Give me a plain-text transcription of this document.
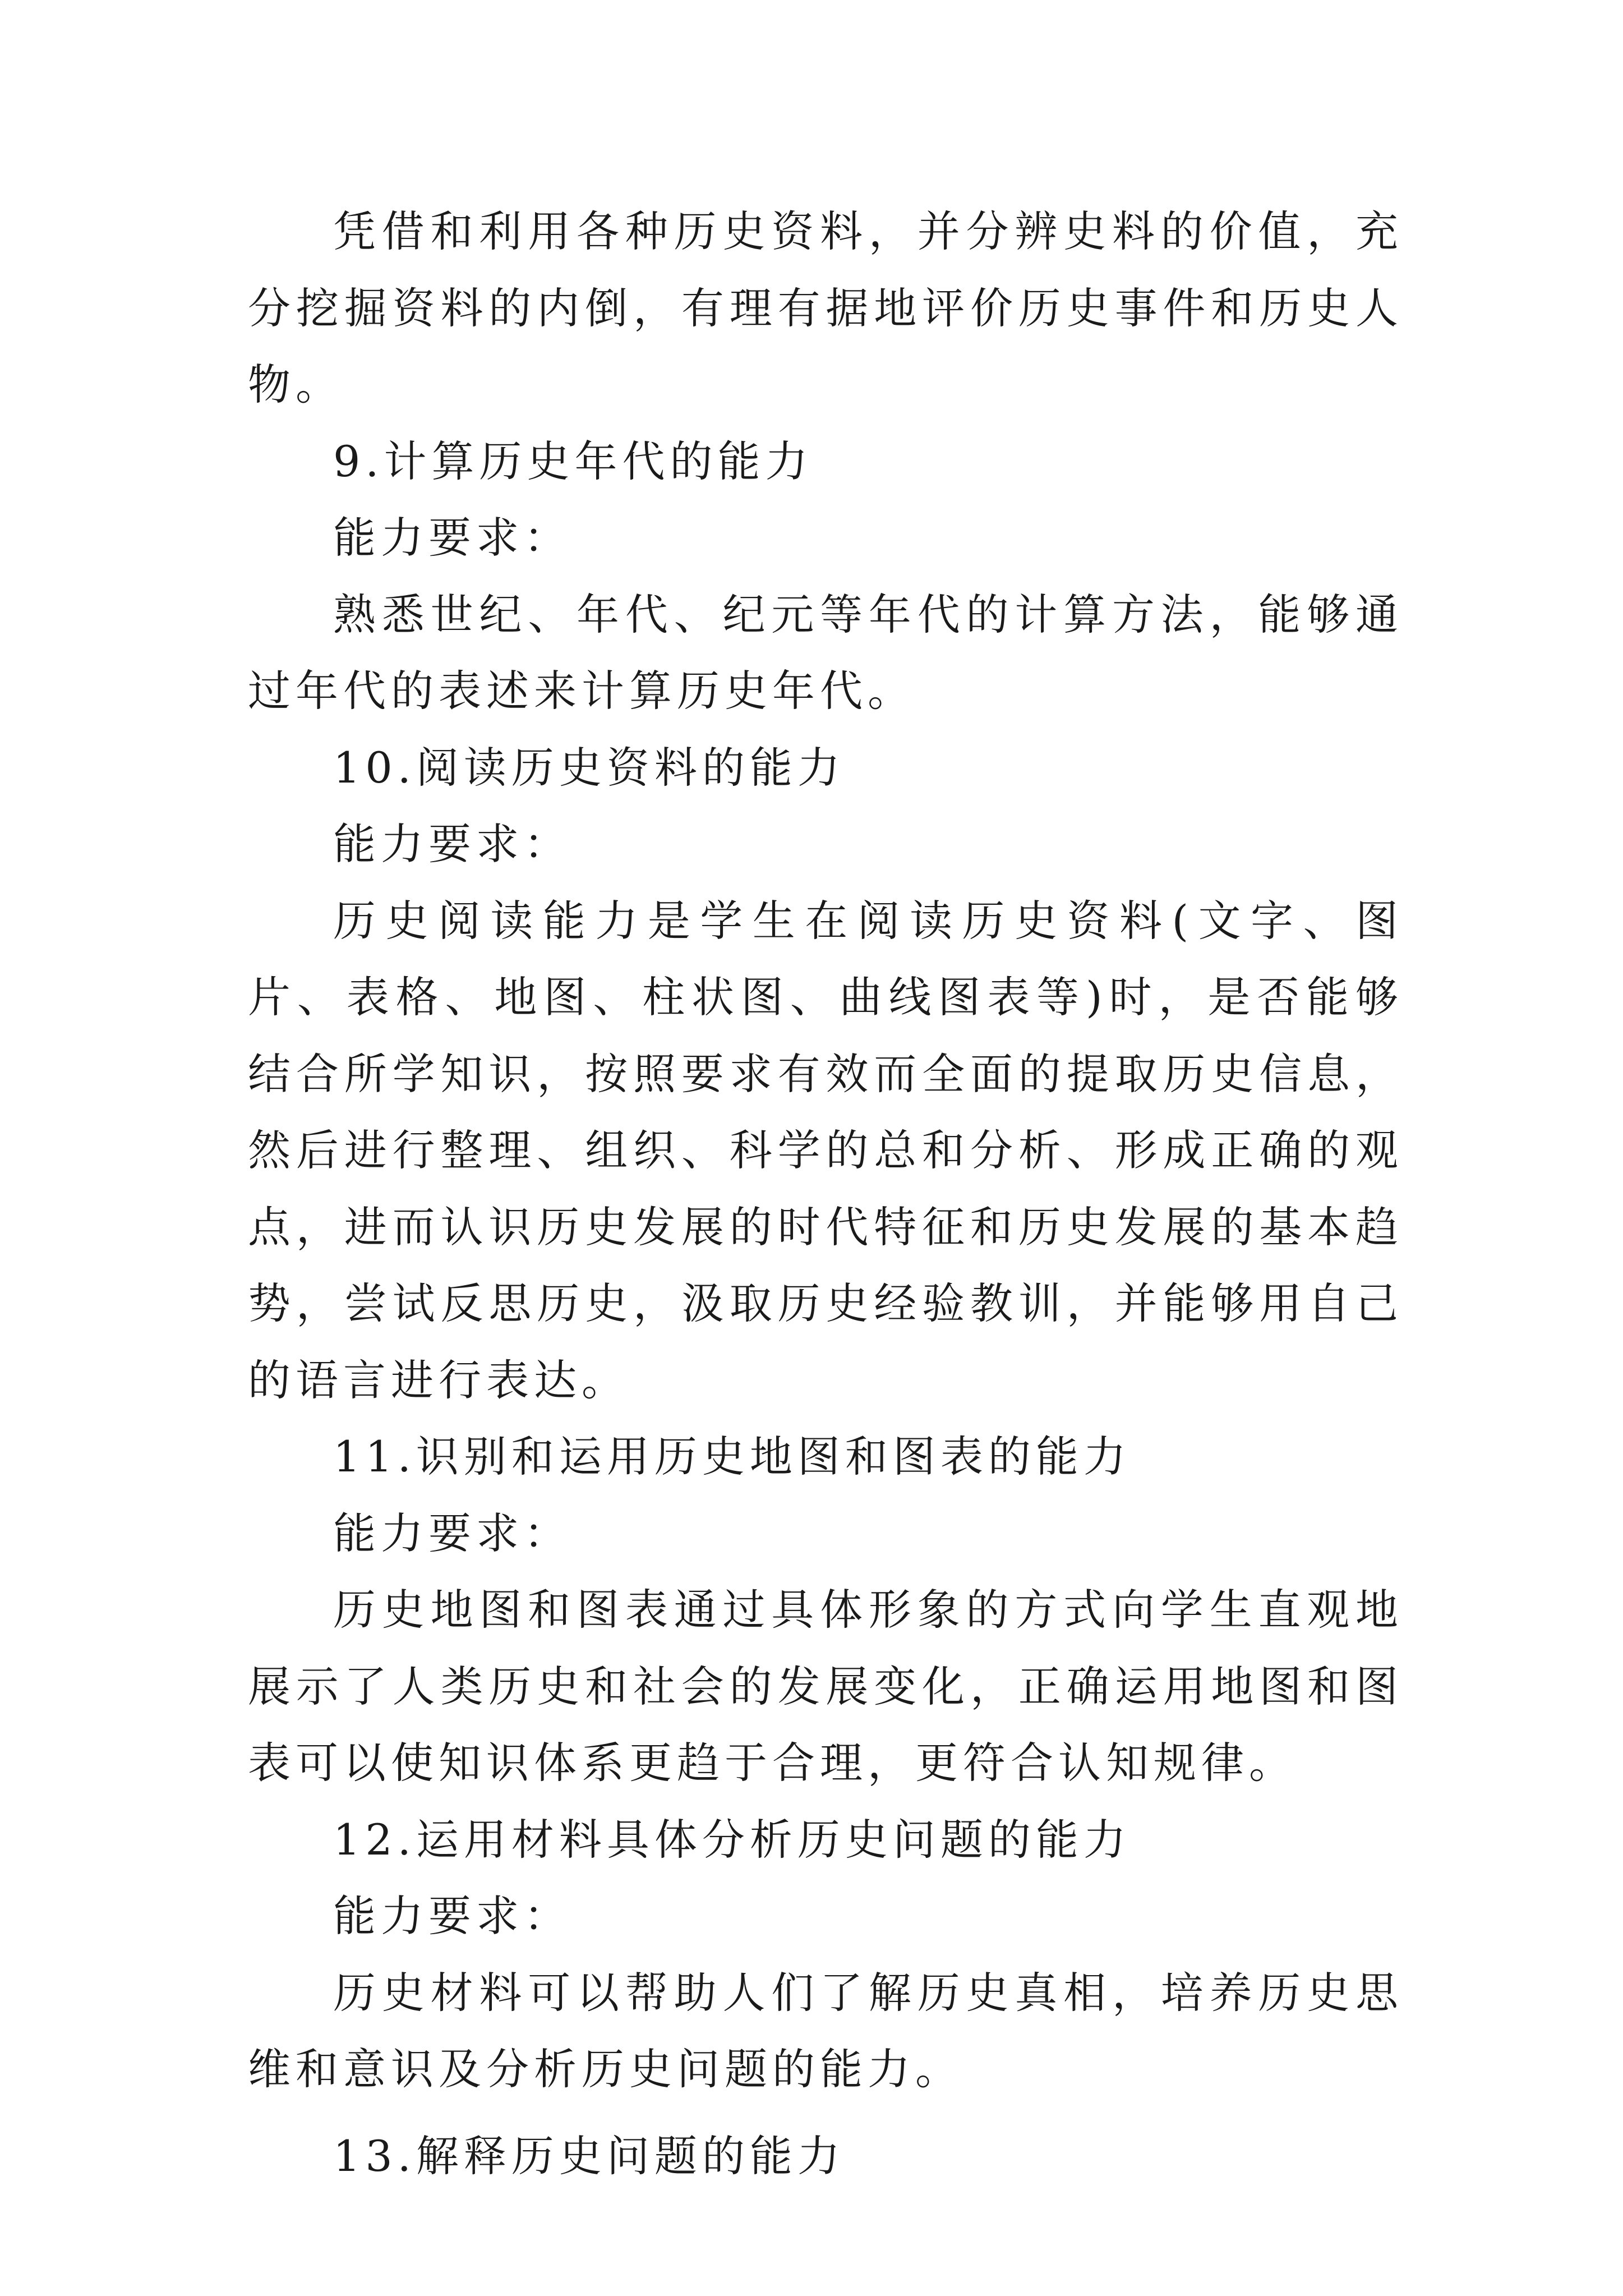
凭借和利用各种历史资料，并分辨史料的价值，充分挖掘资料的内倒，有理有据地评价历史事件和历史人物。

9.计算历史年代的能力

能力要求：

熟悉世纪、年代、纪元等年代的计算方法，能够通过年代的表述来计算历史年代。

10.阅读历史资料的能力

能力要求：

历史阅读能力是学生在阅读历史资料(文字、图片、表格、地图、柱状图、曲线图表等)时，是否能够结合所学知识，按照要求有效而全面的提取历史信息，然后进行整理、组织、科学的总和分析、形成正确的观点，进而认识历史发展的时代特征和历史发展的基本趋势，尝试反思历史，汲取历史经验教训，并能够用自己的语言进行表达。

11.识别和运用历史地图和图表的能力

能力要求：

历史地图和图表通过具体形象的方式向学生直观地展示了人类历史和社会的发展变化，正确运用地图和图表可以使知识体系更趋于合理，更符合认知规律。

12.运用材料具体分析历史问题的能力

能力要求：

历史材料可以帮助人们了解历史真相，培养历史思维和意识及分析历史问题的能力。

13.解释历史问题的能力
